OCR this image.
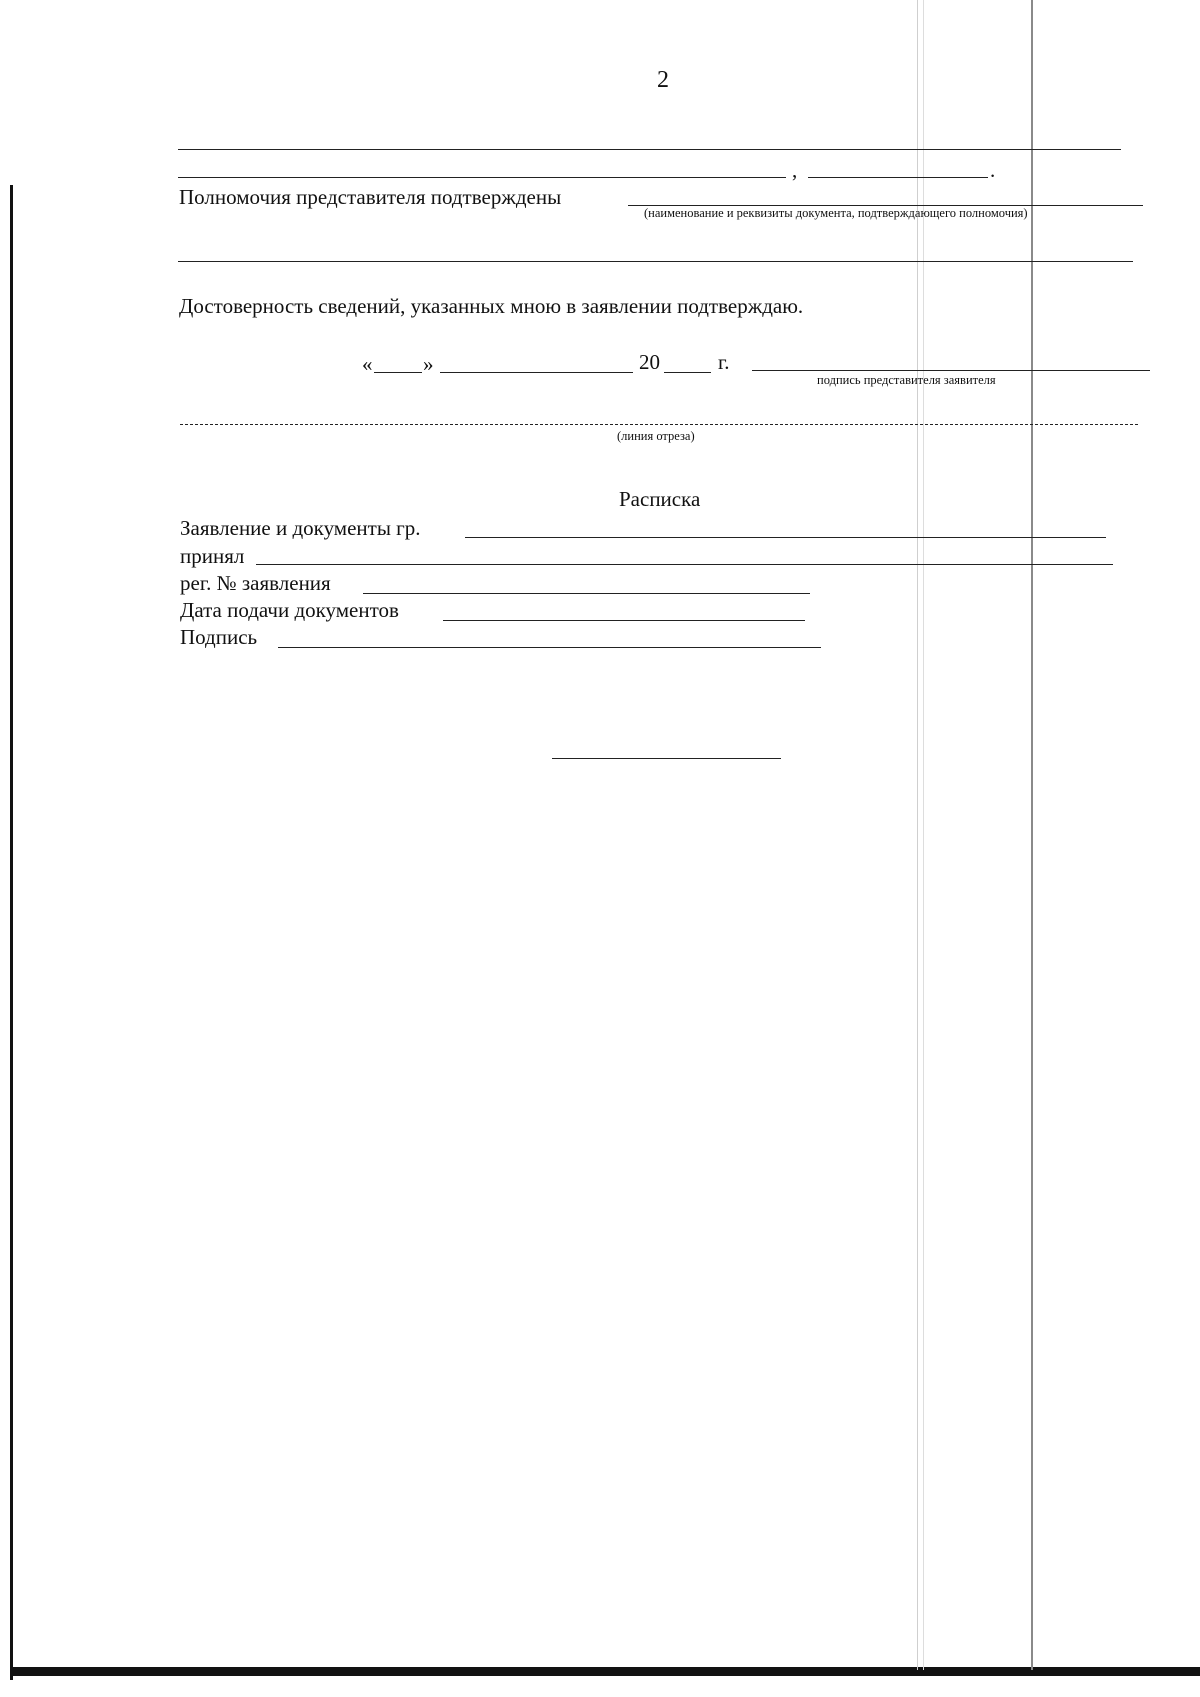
2
,	.
Полномочия представителя подтверждены
(наименование и реквизиты документа, подтверждающего полномочия)
Достоверность сведений, указанных мною в заявлении подтверждаю.
« »	20	г.
подпись представителя заявителя
(линия отреза)
Расписка
Заявление и документы гр.
принял
рег. № заявления
Дата подачи документов
Подпись
